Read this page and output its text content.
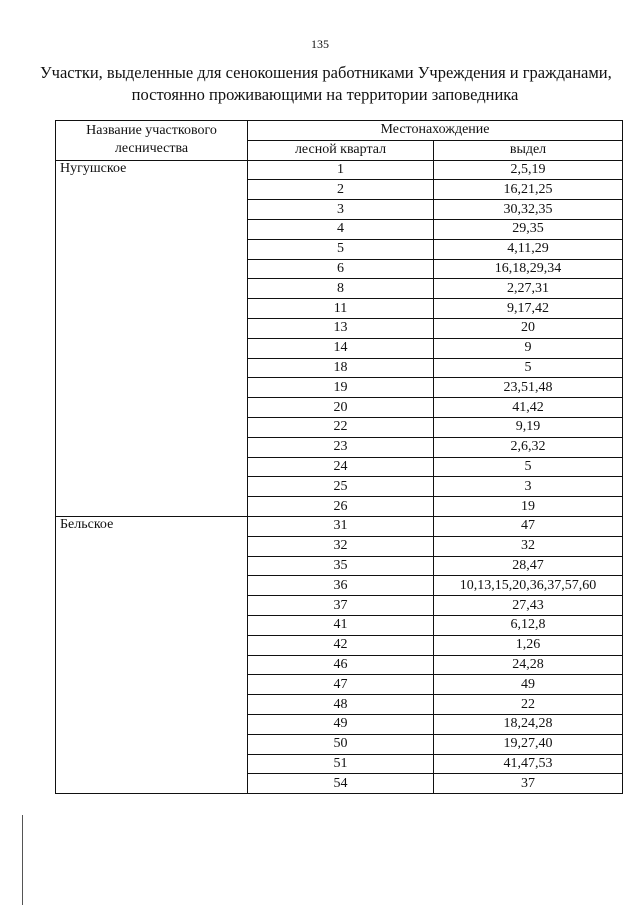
135
Участки, выделенные для сенокошения работниками Учреждения и гражданами,
постоянно проживающими на территории заповедника
Название участкового
лесничества	Местонахождение	
	лесной квартал	выдел
Нугушское	1	2,5,19
	2	16,21,25
	3	30,32,35
	4	29,35
	5	4,11,29
	6	16,18,29,34
	8	2,27,31
	11	9,17,42
	13	20
	14	9
	18	5
	19	23,51,48
	20	41,42
	22	9,19
	23	2,6,32
	24	5
	25	3
	26	19
Бельское	31	47
	32	32
	35	28,47
	36	10,13,15,20,36,37,57,60
	37	27,43
	41	6,12,8
	42	1,26
	46	24,28
	47	49
	48	22
	49	18,24,28
	50	19,27,40
	51	41,47,53
	54	37
